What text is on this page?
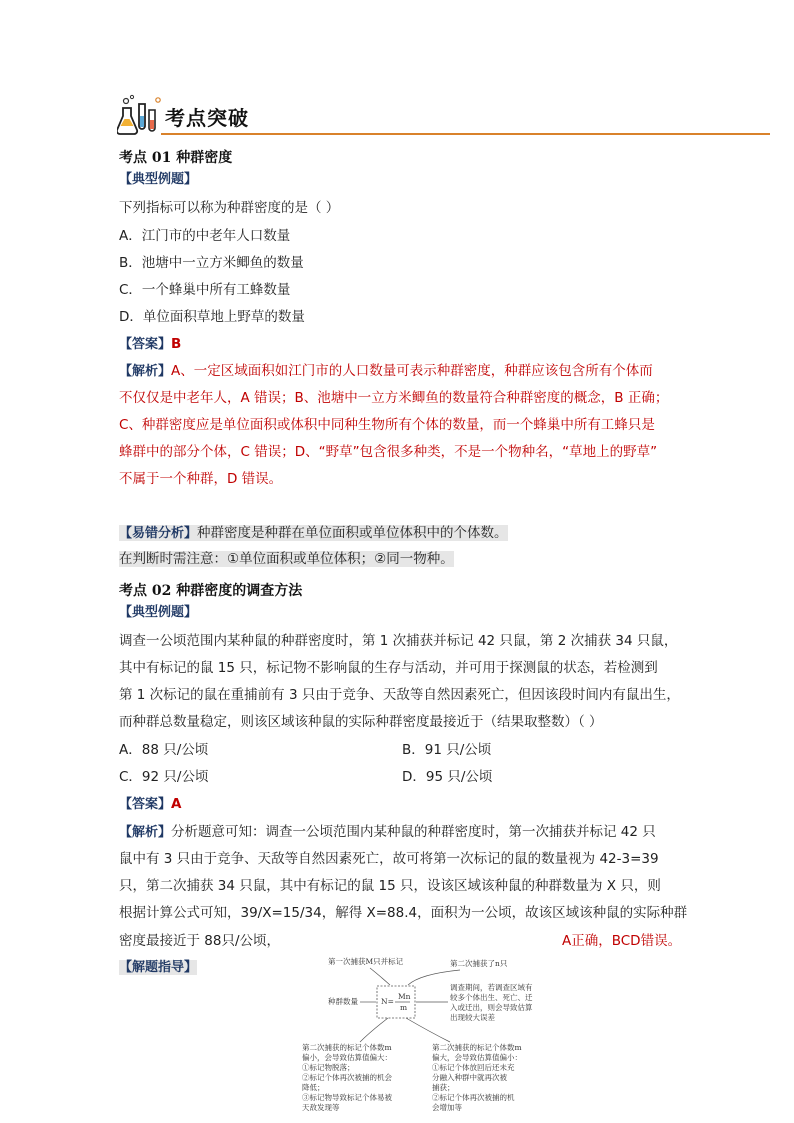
考点突破
考点 01 种群密度
【典型例题】
下列指标可以称为种群密度的是（ ）
A．江门市的中老年人口数量
B．池塘中一立方米鲫鱼的数量
C．一个蜂巢中所有工蜂数量
D．单位面积草地上野草的数量
【答案】B
【解析】A、一定区域面积如江门市的人口数量可表示种群密度，种群应该包含所有个体而
不仅仅是中老年人，A 错误；B、池塘中一立方米鲫鱼的数量符合种群密度的概念，B 正确；
C、种群密度应是单位面积或体积中同种生物所有个体的数量，而一个蜂巢中所有工蜂只是
蜂群中的部分个体，C 错误；D、“野草”包含很多种类，不是一个物种名，“草地上的野草”
不属于一个种群，D 错误。
【易错分析】种群密度是种群在单位面积或单位体积中的个体数。
在判断时需注意：①单位面积或单位体积；②同一物种。
考点 02 种群密度的调查方法
【典型例题】
调查一公顷范围内某种鼠的种群密度时，第 1 次捕获并标记 42 只鼠，第 2 次捕获 34 只鼠，
其中有标记的鼠 15 只，标记物不影响鼠的生存与活动，并可用于探测鼠的状态，若检测到
第 1 次标记的鼠在重捕前有 3 只由于竞争、天敌等自然因素死亡，但因该段时间内有鼠出生，
而种群总数量稳定，则该区域该种鼠的实际种群密度最接近于（结果取整数）（ ）
A．88 只/公顷	B．91 只/公顷
C．92 只/公顷	D．95 只/公顷
【答案】A
【解析】分析题意可知：调查一公顷范围内某种鼠的种群密度时，第一次捕获并标记 42 只
鼠中有 3 只由于竞争、天敌等自然因素死亡，故可将第一次标记的鼠的数量视为 42-3=39
只，第二次捕获 34 只鼠，其中有标记的鼠 15 只，设该区域该种鼠的种群数量为 X 只，则
根据计算公式可知，39/X=15/34，解得 X=88.4，面积为一公顷，故该区域该种鼠的实际种群
密度最接近于 88只/公顷，	A正确，BCD错误。
【解题指导】
N=
Mn
m
第一次捕获M只并标记	第二次捕获了n只
种群数量
调查期间，若调查区域有
较多个体出生、死亡、迁
入或迁出，则会导致估算
出现较大误差
第二次捕获的标记个体数m
偏小，会导致估算值偏大：
①标记物脱落；
②标记个体再次被捕的机会
降低；
③标记物导致标记个体易被
天敌发现等
第二次捕获的标记个体数m
偏大，会导致估算值偏小：
①标记个体放回后还未充
分融入种群中就再次被
捕获；
②标记个体再次被捕的机
会增加等
